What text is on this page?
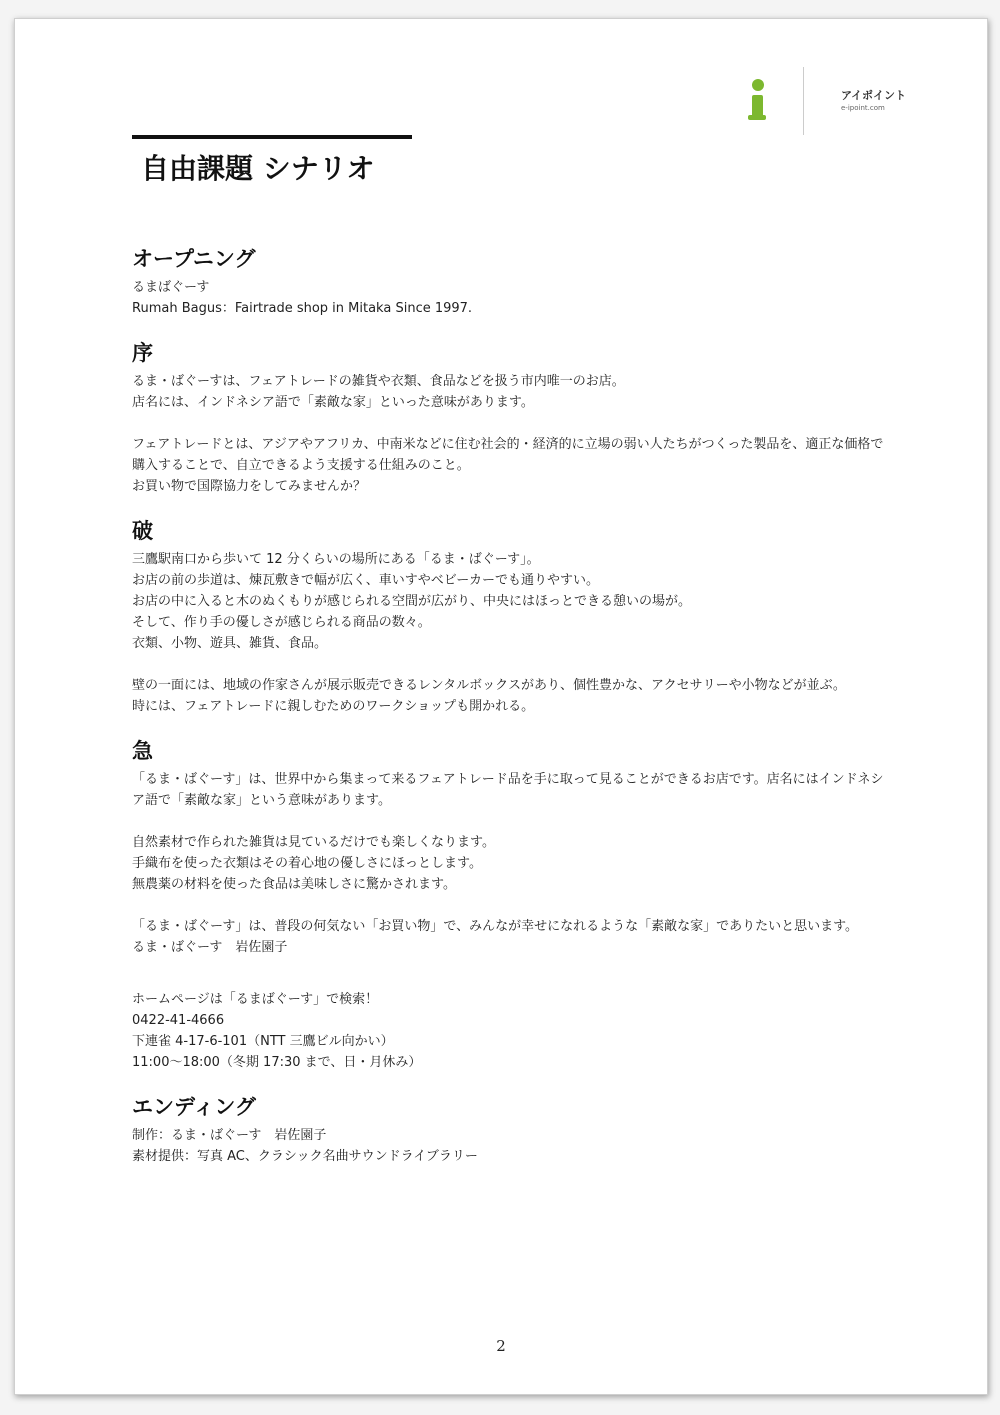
アイポイント
e-ipoint.com
自由課題 シナリオ
オープニング
るまばぐーす
Rumah Bagus：Fairtrade shop in Mitaka Since 1997.
序
るま・ばぐーすは、フェアトレードの雑貨や衣類、食品などを扱う市内唯一のお店。
店名には、インドネシア語で「素敵な家」といった意味があります。
フェアトレードとは、アジアやアフリカ、中南米などに住む社会的・経済的に立場の弱い人たちがつくった製品を、適正な価格で
購入することで、自立できるよう支援する仕組みのこと。
お買い物で国際協力をしてみませんか？
破
三鷹駅南口から歩いて 12 分くらいの場所にある「るま・ばぐーす」。
お店の前の歩道は、煉瓦敷きで幅が広く、車いすやベビーカーでも通りやすい。
お店の中に入ると木のぬくもりが感じられる空間が広がり、中央にはほっとできる憩いの場が。
そして、作り手の優しさが感じられる商品の数々。
衣類、小物、遊具、雑貨、食品。
壁の一面には、地域の作家さんが展示販売できるレンタルボックスがあり、個性豊かな、アクセサリーや小物などが並ぶ。
時には、フェアトレードに親しむためのワークショップも開かれる。
急
「るま・ばぐーす」は、世界中から集まって来るフェアトレード品を手に取って見ることができるお店です。店名にはインドネシ
ア語で「素敵な家」という意味があります。
自然素材で作られた雑貨は見ているだけでも楽しくなります。
手織布を使った衣類はその着心地の優しさにほっとします。
無農薬の材料を使った食品は美味しさに驚かされます。
「るま・ばぐーす」は、普段の何気ない「お買い物」で、みんなが幸せになれるような「素敵な家」でありたいと思います。
るま・ばぐーす　岩佐園子
ホームページは「るまばぐーす」で検索！
0422-41-4666
下連雀 4-17-6-101（NTT 三鷹ビル向かい）
11:00～18:00（冬期 17:30 まで、日・月休み）
エンディング
制作：るま・ばぐーす　岩佐園子
素材提供：写真 AC、クラシック名曲サウンドライブラリー
2
